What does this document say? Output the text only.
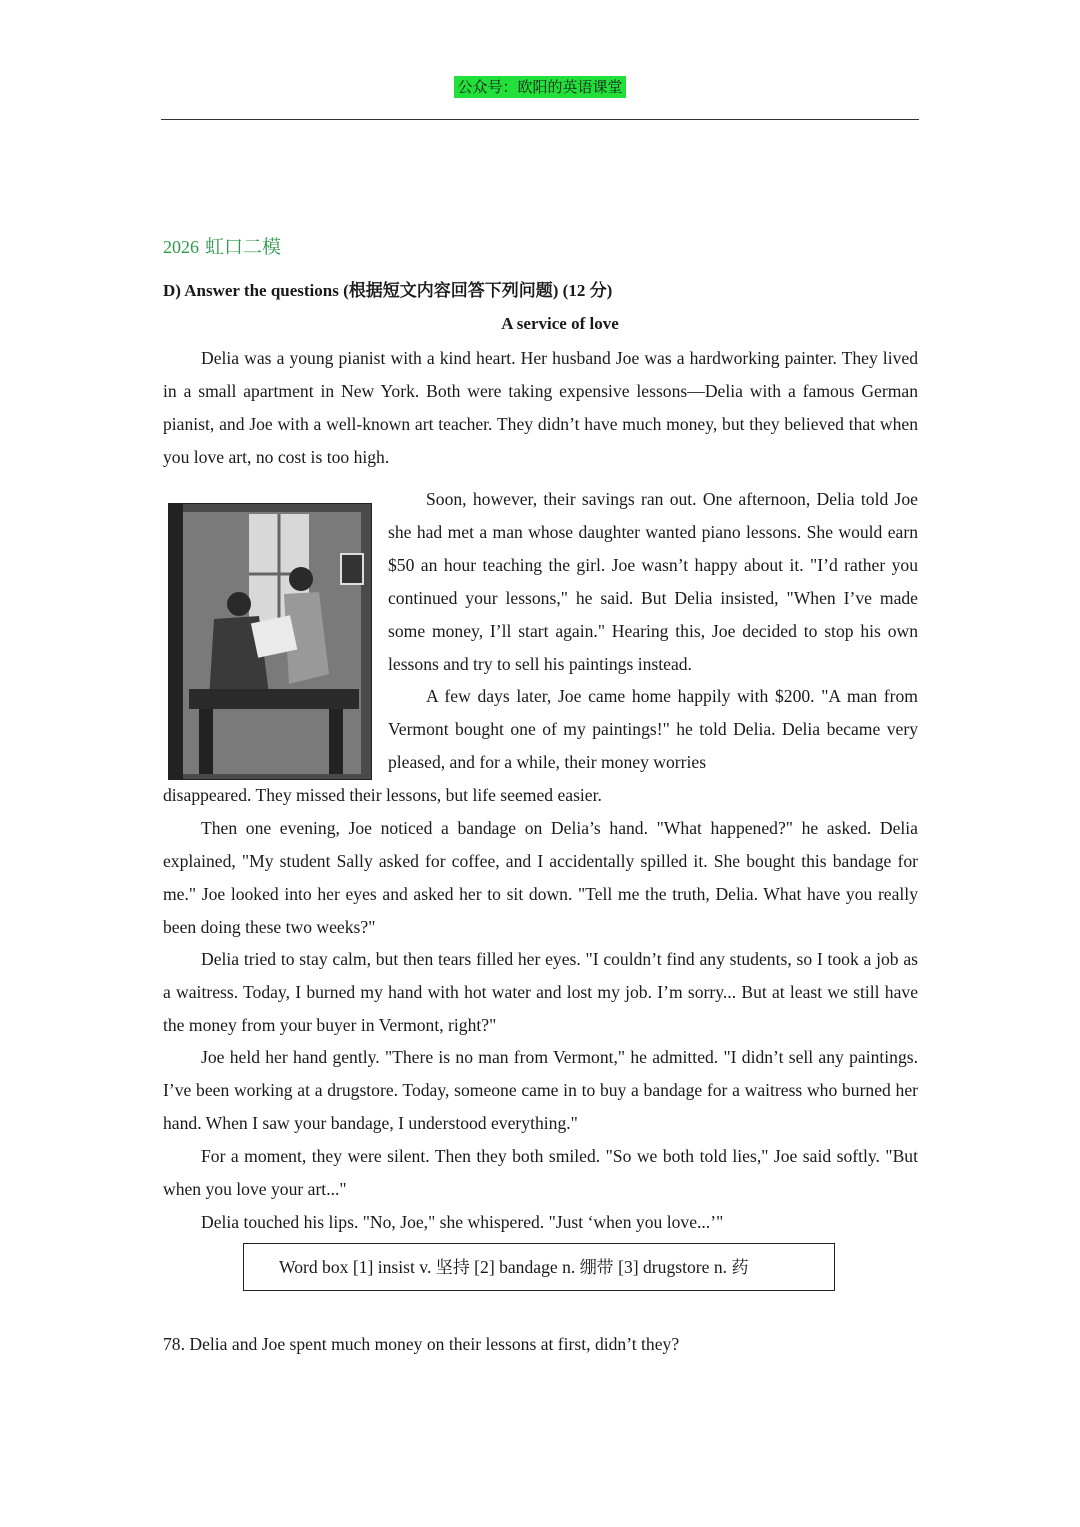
公众号：欧阳的英语课堂
2026 虹口二模
D) Answer the questions (根据短文内容回答下列问题) (12 分)
A service of love

Delia was a young pianist with a kind heart. Her husband Joe was a hardworking painter. They lived in a small apartment in New York. Both were taking expensive lessons—Delia with a famous German pianist, and Joe with a well-known art teacher. They didn’t have much money, but they believed that when you love art, no cost is too high.

Soon, however, their savings ran out. One afternoon, Delia told Joe she had met a man whose daughter wanted piano lessons. She would earn $50 an hour teaching the girl. Joe wasn’t happy about it. "I’d rather you continued your lessons," he said. But Delia insisted, "When I’ve made some money, I’ll start again." Hearing this, Joe decided to stop his own lessons and try to sell his paintings instead.

A few days later, Joe came home happily with $200. "A man from Vermont bought one of my paintings!" he told Delia. Delia became very pleased, and for a while, their money worries

disappeared. They missed their lessons, but life seemed easier.

Then one evening, Joe noticed a bandage on Delia’s hand. "What happened?" he asked. Delia explained, "My student Sally asked for coffee, and I accidentally spilled it. She bought this bandage for me." Joe looked into her eyes and asked her to sit down. "Tell me the truth, Delia. What have you really been doing these two weeks?"

Delia tried to stay calm, but then tears filled her eyes. "I couldn’t find any students, so I took a job as a waitress. Today, I burned my hand with hot water and lost my job. I’m sorry... But at least we still have the money from your buyer in Vermont, right?"

Joe held her hand gently. "There is no man from Vermont," he admitted. "I didn’t sell any paintings. I’ve been working at a drugstore. Today, someone came in to buy a bandage for a waitress who burned her hand. When I saw your bandage, I understood everything."

For a moment, they were silent. Then they both smiled. "So we both told lies," Joe said softly. "But when you love your art..."

Delia touched his lips. "No, Joe," she whispered. "Just ‘when you love...’"

Word box [1] insist v. 坚持 [2] bandage n. 绷带 [3] drugstore n. 药
78. Delia and Joe spent much money on their lessons at first, didn’t they?
